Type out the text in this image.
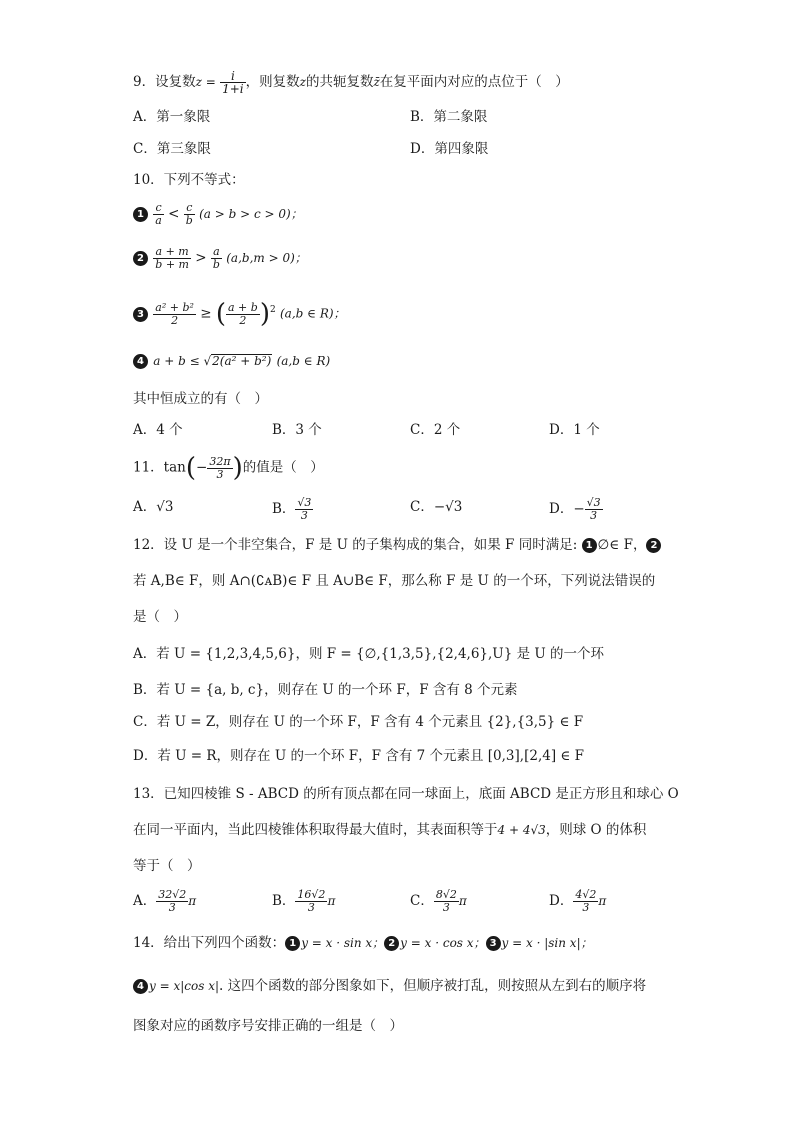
9．设复数$z = \frac{i}{1+i}$ ，则复数z的共轭复数z̄在复平面内对应的点位于（　）
A．第一象限	B．第二象限
C．第三象限	D．第四象限
10．下列不等式：
$1 \frac{c}{a} < \frac{c}{b} (a > b > c > 0)$；
$2 \frac{a + m}{b + m} > \frac{a}{b} (a,b,m > 0)$；
$3 \frac{\text{a² + b²}}{2}$ ≥ ( $\frac{a + b}{2} )^2$ (a,b ∈ R)；
4 a + b ≤ √2(a² + b²) (a,b ∈ R)
其中恒成立的有（　）
A．4 个	B．3 个	C．2 个	D．1 个
11．$\tan(- \frac{32\pi}{3}$ )的值是（　）
A．√3	B． $\frac{√3}{3}$	C．−√3	D．− $\frac{√3}{3}$
12．设 U 是一个非空集合，F 是 U 的子集构成的集合，如果 F 同时满足: 1 ∅∈ F， 2
若 A,B∈ F，则 A∩(∁ᴀB)∈ F 且 A∪B∈ F，那么称 F 是 U 的一个环，下列说法错误的
是（　）
A．若 U = {1,2,3,4,5,6}，则 F = {∅,{1,3,5},{2,4,6},U} 是 U 的一个环
B．若 U = {a, b, c}，则存在 U 的一个环 F，F 含有 8 个元素
C．若 U = Z，则存在 U 的一个环 F，F 含有 4 个元素且 {2},{3,5} ∈ F
D．若 U = R，则存在 U 的一个环 F，F 含有 7 个元素且 [0,3],[2,4] ∈ F
13．已知四棱锥 S - ABCD 的所有顶点都在同一球面上，底面 ABCD 是正方形且和球心 O
在同一平面内，当此四棱锥体积取得最大值时，其表面积等于4 + 4√3，则球 O 的体积
等于（　）
A． $\frac{32√2}{3}$ π	B． $\frac{16√2}{3}$ π	C． $\frac{8√2}{3}$ π	D． $\frac{4√2}{3}$ π
14．给出下列四个函数： 1 y = x · sin x； 2 y = x · cos x； 3 y = x · |sin x|；
4 y = x|cos x|. 这四个函数的部分图象如下，但顺序被打乱，则按照从左到右的顺序将
图象对应的函数序号安排正确的一组是（　）
